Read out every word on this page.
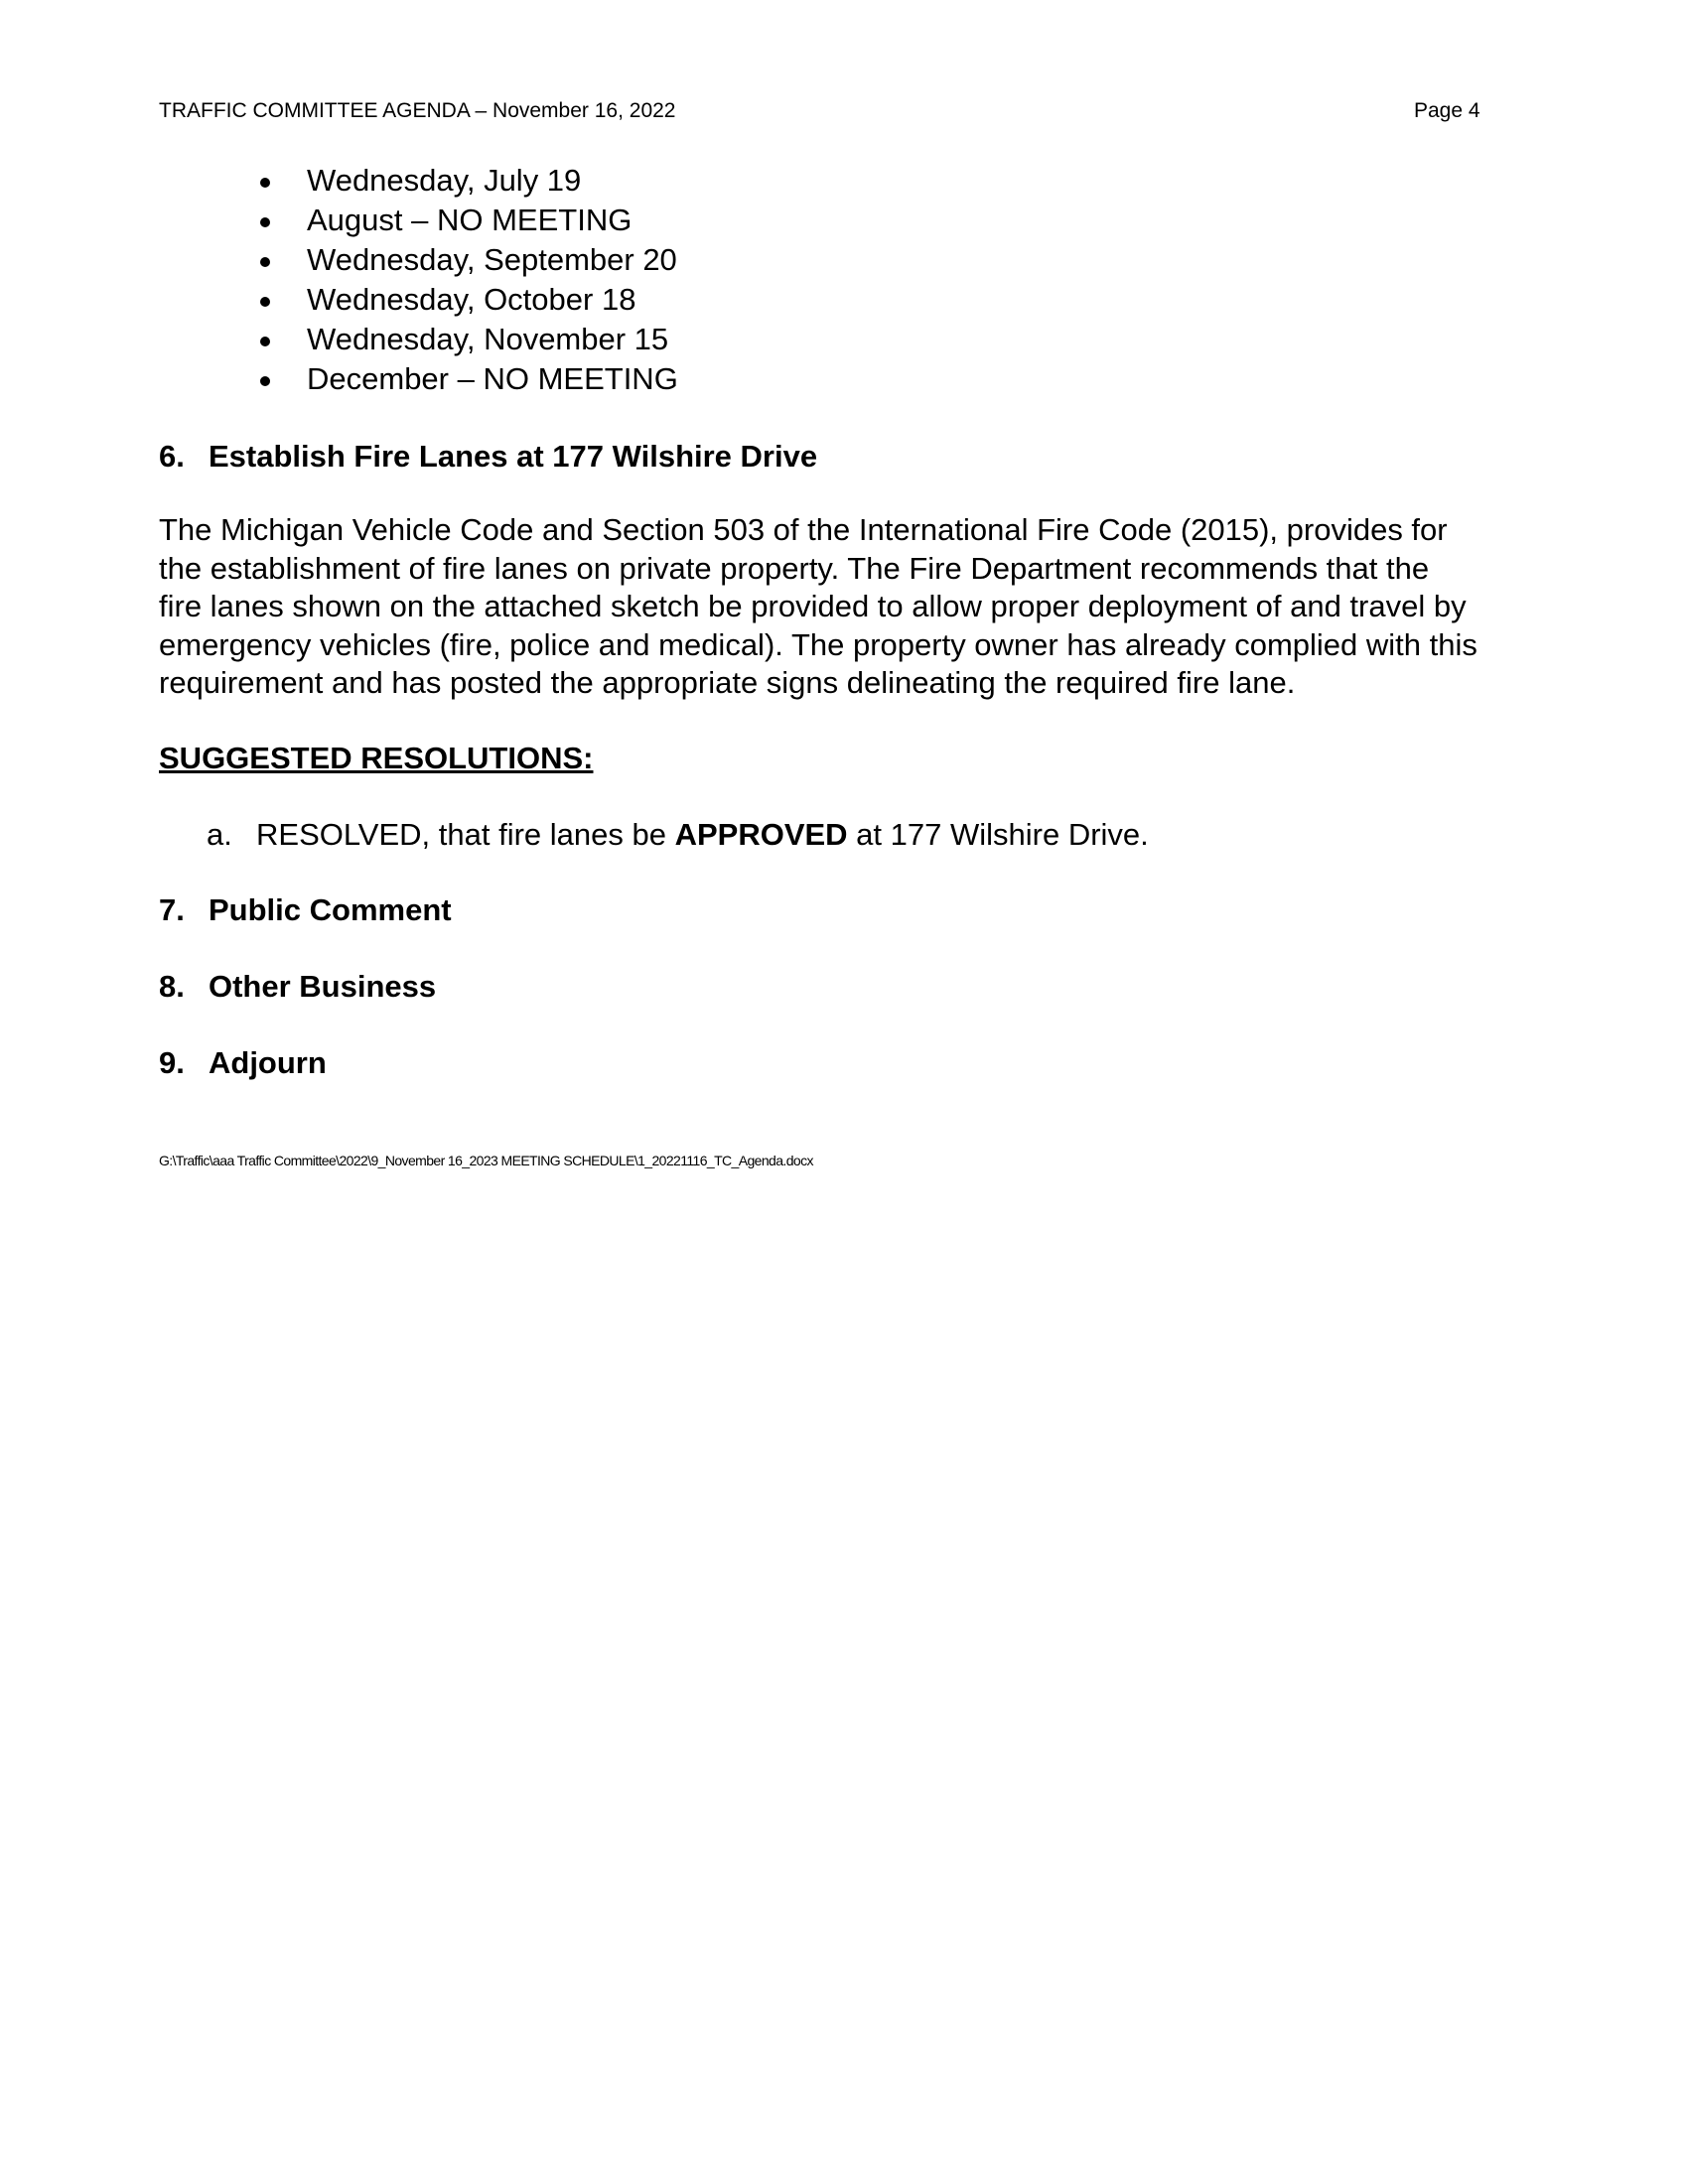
TRAFFIC COMMITTEE AGENDA – November 16, 2022	Page 4
Wednesday, July 19
August – NO MEETING
Wednesday, September 20
Wednesday, October 18
Wednesday, November 15
December – NO MEETING
6. Establish Fire Lanes at 177 Wilshire Drive

The Michigan Vehicle Code and Section 503 of the International Fire Code (2015), provides for

the establishment of fire lanes on private property. The Fire Department recommends that the

fire lanes shown on the attached sketch be provided to allow proper deployment of and travel by

emergency vehicles (fire, police and medical). The property owner has already complied with this

requirement and has posted the appropriate signs delineating the required fire lane.

SUGGESTED RESOLUTIONS:
a. RESOLVED, that fire lanes be APPROVED at 177 Wilshire Drive.
7. Public Comment
8. Other Business
9. Adjourn
G:\Traffic\aaa Traffic Committee\2022\9_November 16_2023 MEETING SCHEDULE\1_20221116_TC_Agenda.docx
